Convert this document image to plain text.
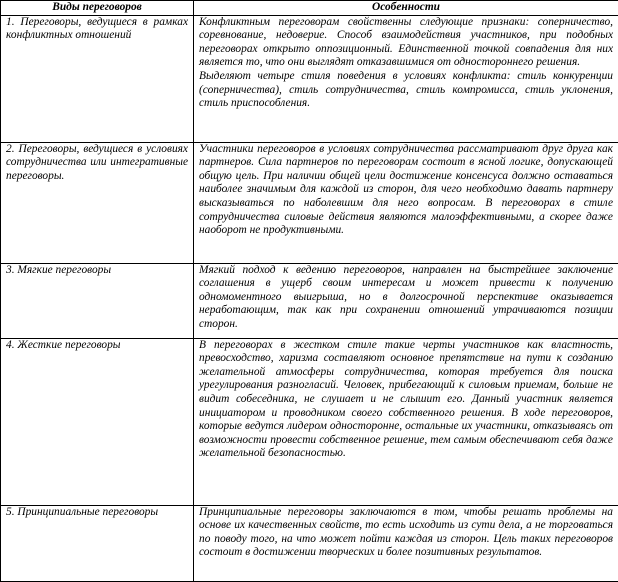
Виды переговоров	Особенности
1. Переговоры, ведущиеся в рамках конфликтных отношений	Конфликтным переговорам свойственны следующие признаки: соперничество, соревнование, недоверие. Способ взаимодействия участников, при подобных переговорах открыто оппозиционный. Единственной точкой совпадения для них является то, что они выглядят отказавшимися от одностороннего решения.

Выделяют четыре стиля поведения в условиях конфликта: стиль конкуренции (соперничества), стиль сотрудничества, стиль компромисса, стиль уклонения, стиль приспособления.

2. Переговоры, ведущиеся в условиях сотрудничества или интегративные переговоры.	Участники переговоров в условиях сотрудничества рассматривают друг друга как партнеров. Сила партнеров по переговорам состоит в ясной логике, допускающей общую цель. При наличии общей цели достижение консенсуса должно оставаться наиболее значимым для каждой из сторон, для чего необходимо давать партнеру высказываться по наболевшим для него вопросам. В переговорах в стиле сотрудничества силовые действия являются малоэффективными, а скорее даже наоборот не продуктивными.

3. Мягкие переговоры	Мягкий подход к ведению переговоров, направлен на быстрейшее заключение соглашения в ущерб своим интересам и может привести к получению одномоментного выигрыша, но в долгосрочной перспективе оказывается неработающим, так как при сохранении отношений утрачиваются позиции сторон.

4. Жесткие переговоры	В переговорах в жестком стиле такие черты участников как властность, превосходство, харизма составляют основное препятствие на пути к созданию желательной атмосферы сотрудничества, которая требуется для поиска урегулирования разногласий. Человек, прибегающий к силовым приемам, больше не видит собеседника, не слушает и не слышит его. Данный участник является инициатором и проводником своего собственного решения. В ходе переговоров, которые ведутся лидером односторонне, остальные их участники, отказываясь от возможности провести собственное решение, тем самым обеспечивают себя даже желательной безопасностью.

5. Принципиальные переговоры	Принципиальные переговоры заключаются в том, чтобы решать проблемы на основе их качественных свойств, то есть исходить из сути дела, а не торговаться по поводу того, на что может пойти каждая из сторон. Цель таких переговоров состоит в достижении творческих и более позитивных результатов.
